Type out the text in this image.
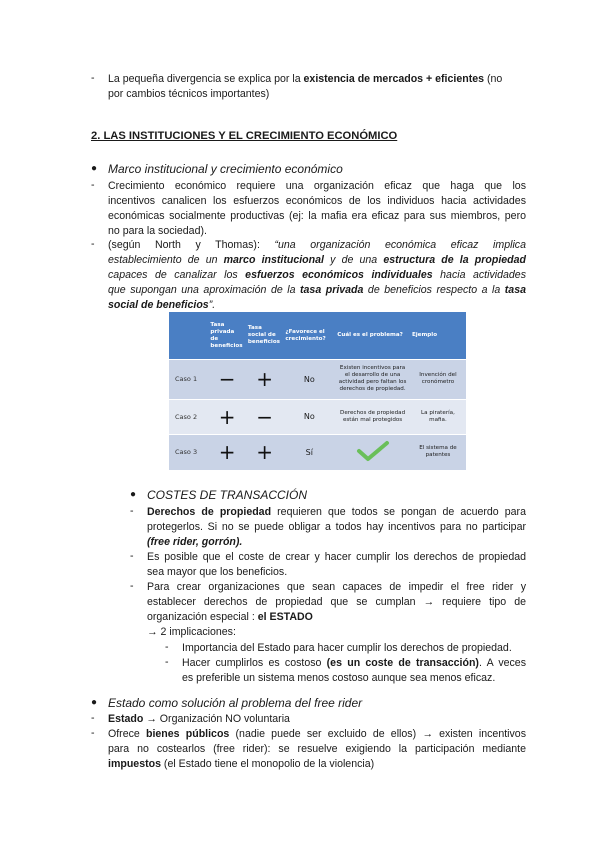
- La pequeña divergencia se explica por la existencia de mercados + eficientes (no
por cambios técnicos importantes)
2. LAS INSTITUCIONES Y EL CRECIMIENTO ECONÓMICO
● Marco institucional y crecimiento económico
- Crecimiento económico requiere una organización eficaz que haga que los
incentivos canalicen los esfuerzos económicos de los individuos hacia actividades
económicas socialmente productivas (ej: la mafia era eficaz para sus miembros, pero
no para la sociedad).
- (según North y Thomas): “una organización económica eficaz implica
establecimiento de un marco institucional y de una estructura de la propiedad
capaces de canalizar los esfuerzos económicos individuales hacia actividades
que supongan una aproximación de la tasa privada de beneficios respecto a la tasa
social de beneficios”.
	Tasa privada de beneficios	Tasa social de beneficios	¿Favorece el crecimiento?	Cuál es el problema?	Ejemplo
Caso 1	−	+	No	Existen incentivos para el desarrollo de una actividad pero faltan los derechos de propiedad.	Invención del cronómetro
Caso 2	+	−	No	Derechos de propiedad están mal protegidos	La piratería, mafia.
Caso 3	+	+	Sí		El sistema de patentes
● COSTES DE TRANSACCIÓN
- Derechos de propiedad requieren que todos se pongan de acuerdo para
protegerlos. Si no se puede obligar a todos hay incentivos para no participar
(free rider, gorrón).
- Es posible que el coste de crear y hacer cumplir los derechos de propiedad
sea mayor que los beneficios.
- Para crear organizaciones que sean capaces de impedir el free rider y
establecer derechos de propiedad que se cumplan → requiere tipo de
organización especial : el ESTADO
→ 2 implicaciones:
- Importancia del Estado para hacer cumplir los derechos de propiedad.
- Hacer cumplirlos es costoso (es un coste de transacción). A veces
es preferible un sistema menos costoso aunque sea menos eficaz.
● Estado como solución al problema del free rider
- Estado → Organización NO voluntaria
- Ofrece bienes públicos (nadie puede ser excluido de ellos) → existen incentivos
para no costearlos (free rider): se resuelve exigiendo la participación mediante
impuestos (el Estado tiene el monopolio de la violencia)
